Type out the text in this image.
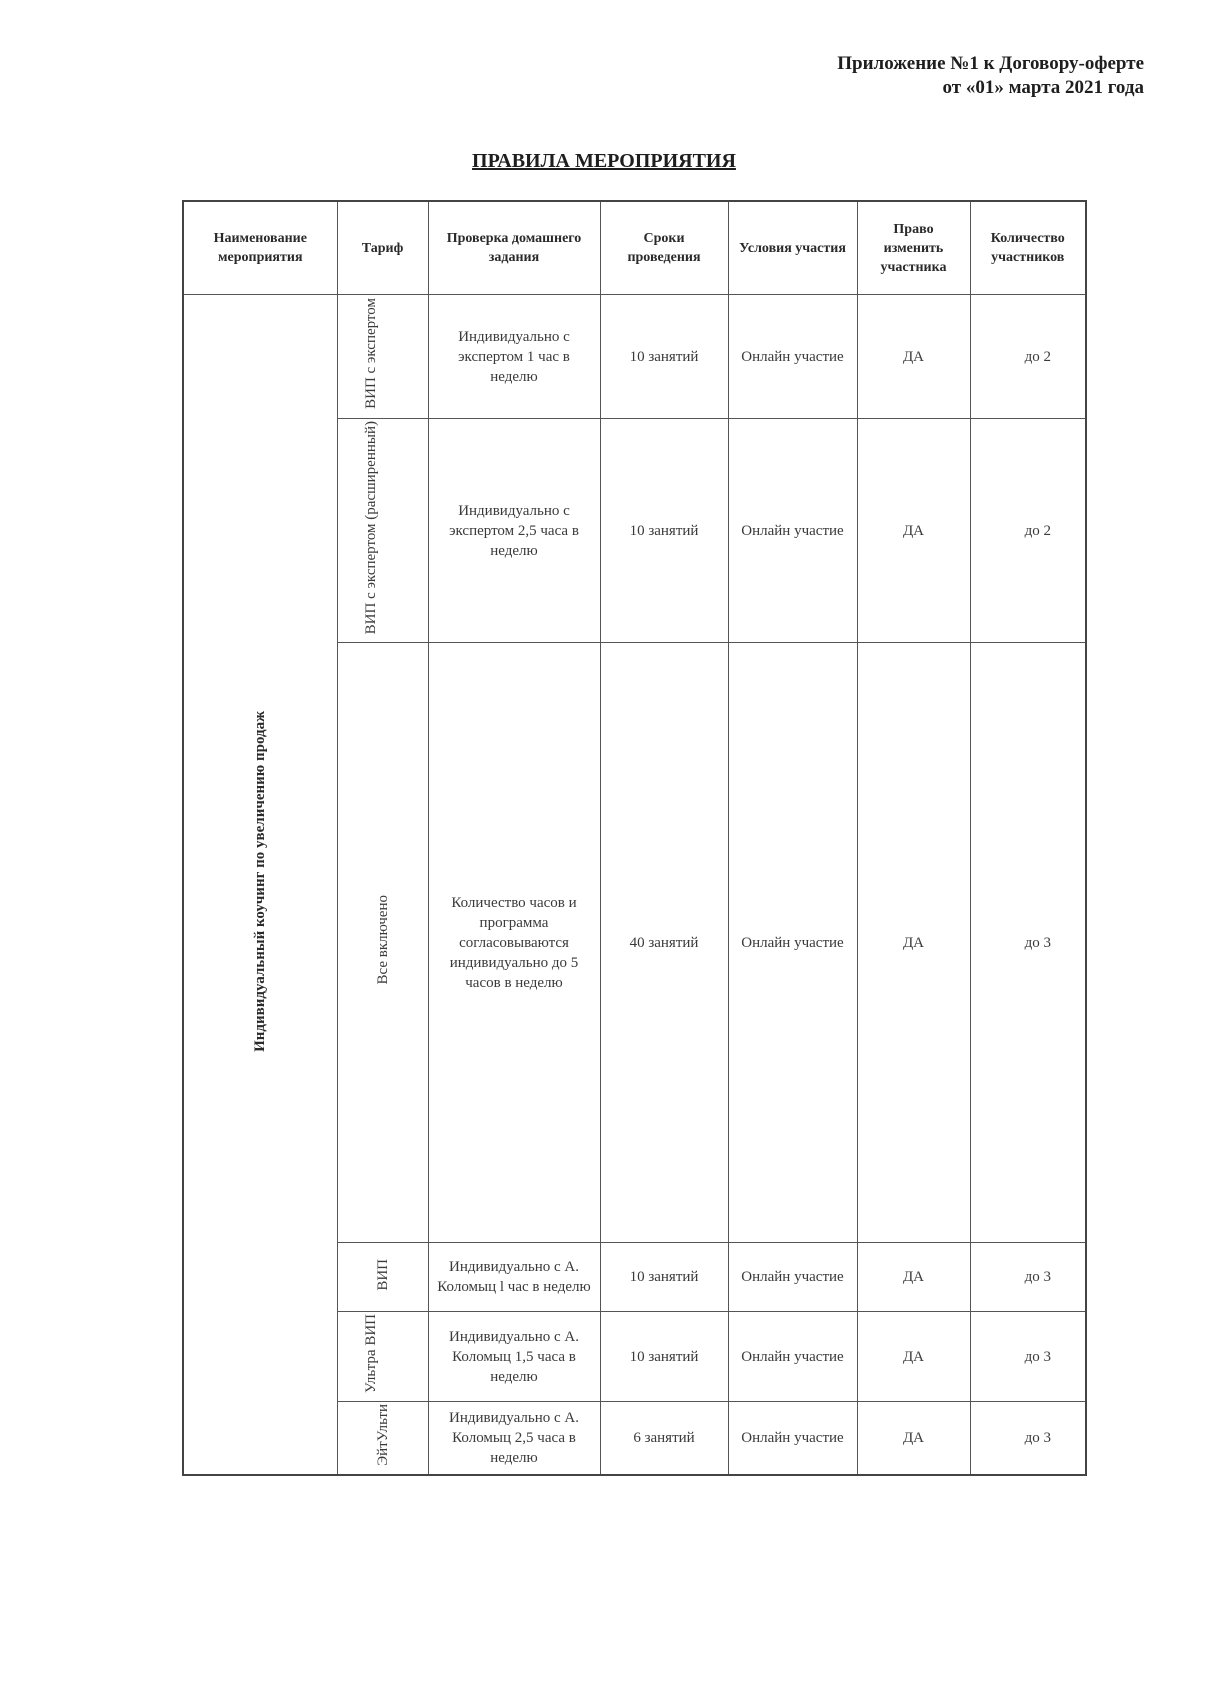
Приложение №1 к Договору-оферте
от «01» марта 2021 года
ПРАВИЛА МЕРОПРИЯТИЯ
Наименование мероприятия	Тариф	Проверка домашнего задания	Сроки проведения	Условия участия	Право изменить участника	Количество участников
Индивидуальный коучинг по увеличению продаж	ВИП с экспертом	Индивидуально с экспертом 1 час в неделю	10 занятий	Онлайн участие	ДА	до 2
	ВИП с экспертом (расширенный)	Индивидуально с экспертом 2,5 часа в неделю	10 занятий	Онлайн участие	ДА	до 2
	Все включено	Количество часов и программа согласовываются индивидуально до 5 часов в неделю	40 занятий	Онлайн участие	ДА	до 3
	ВИП	Индивидуально с А. Коломыц l час в неделю	10 занятий	Онлайн участие	ДА	до 3
	Ультра ВИП	Индивидуально с А. Коломыц 1,5 часа в неделю	10 занятий	Онлайн участие	ДА	до 3
	ЭйтУльти	Индивидуально с А. Коломыц 2,5 часа в неделю	6 занятий	Онлайн участие	ДА	до 3
